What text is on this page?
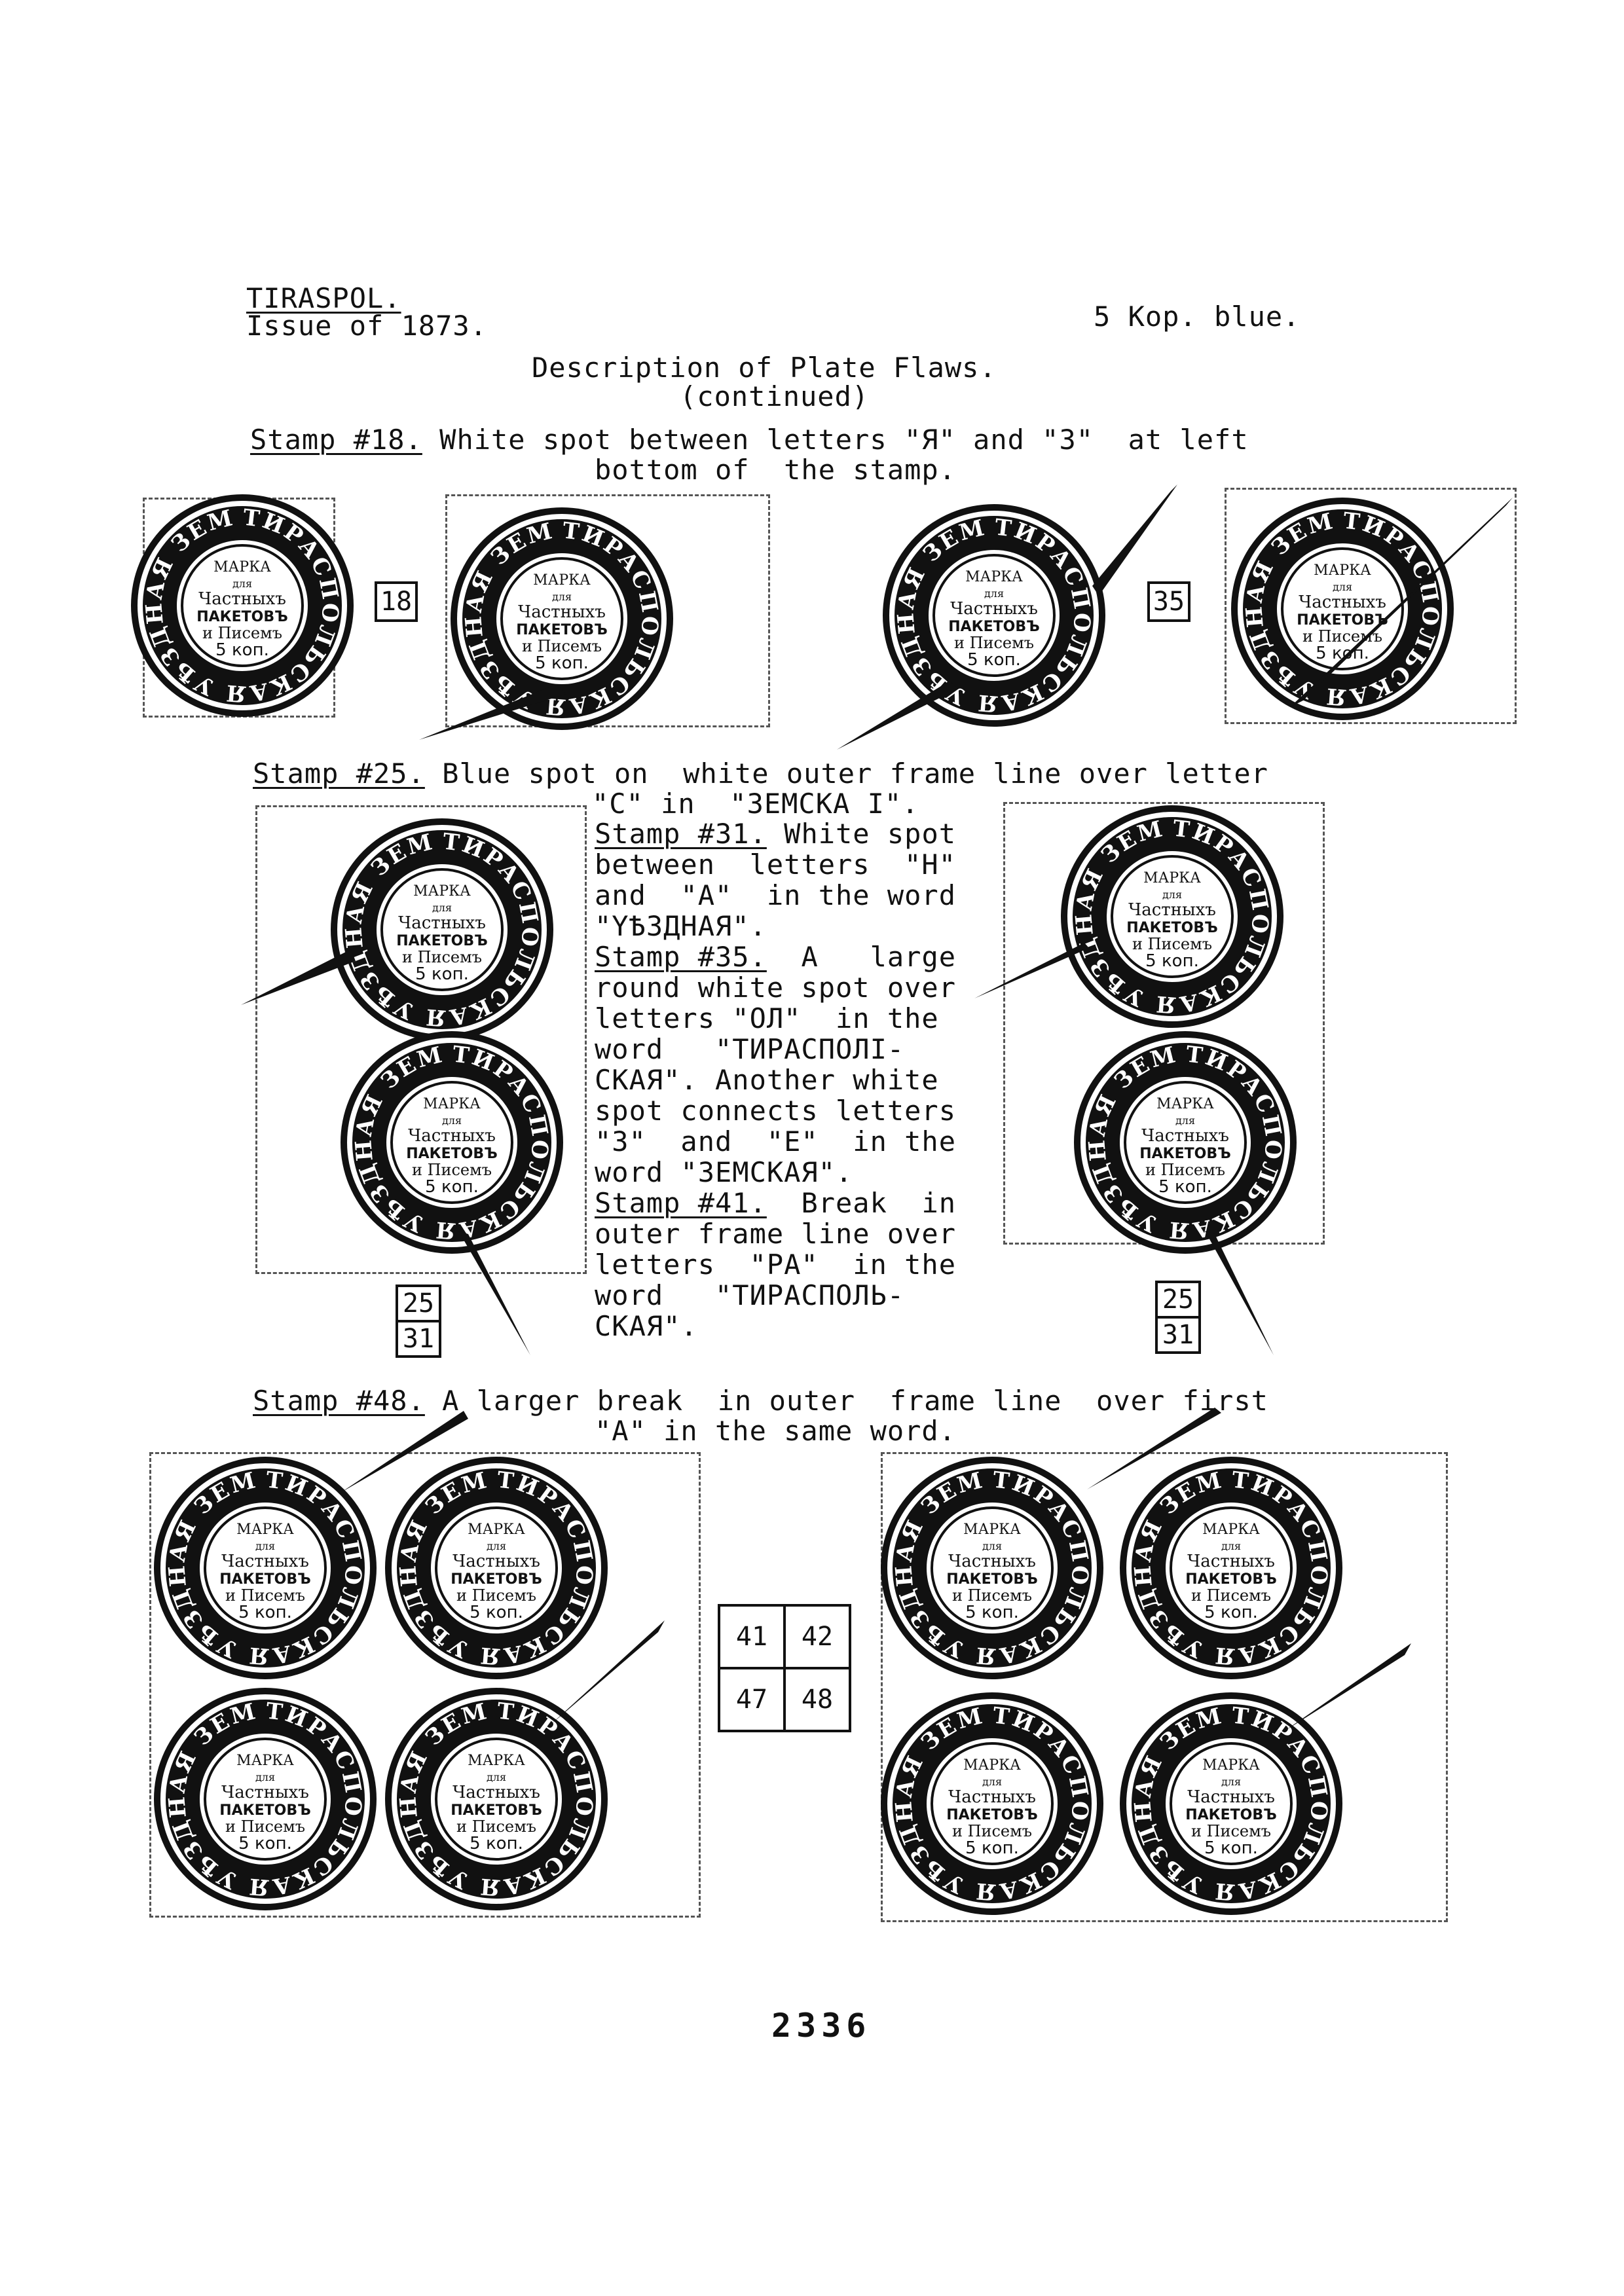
TIRASPOL.
Issue of 1873.	5 Kop. blue.
Description of Plate Flaws.
(continued)
Stamp #18. White spot between letters "Я" and "3"  at left
bottom of  the stamp.
18	35
Stamp #25. Blue spot on  white outer frame line over letter
"C" in  "ЗEMCKA I".
Stamp #31. White spot
between  letters  "H"
and  "A"  in the word
"YѢЗДНАЯ".
Stamp #35.  A   large
round white spot over
letters "ОЛ"  in the
word   "ТИРАСПОЛI-
CKAЯ". Another white
spot connects letters
"3"  and  "E"  in the
word "ЗEMCKAЯ".
Stamp #41.  Break  in
outer frame line over
letters  "PA"  in the
word   "ТИРАСПОЛЬ-
CKAЯ".
25
31
25
31
Stamp #48. A larger break  in outer  frame line  over first
"A" in the same word.
41	42
47	48
2336
